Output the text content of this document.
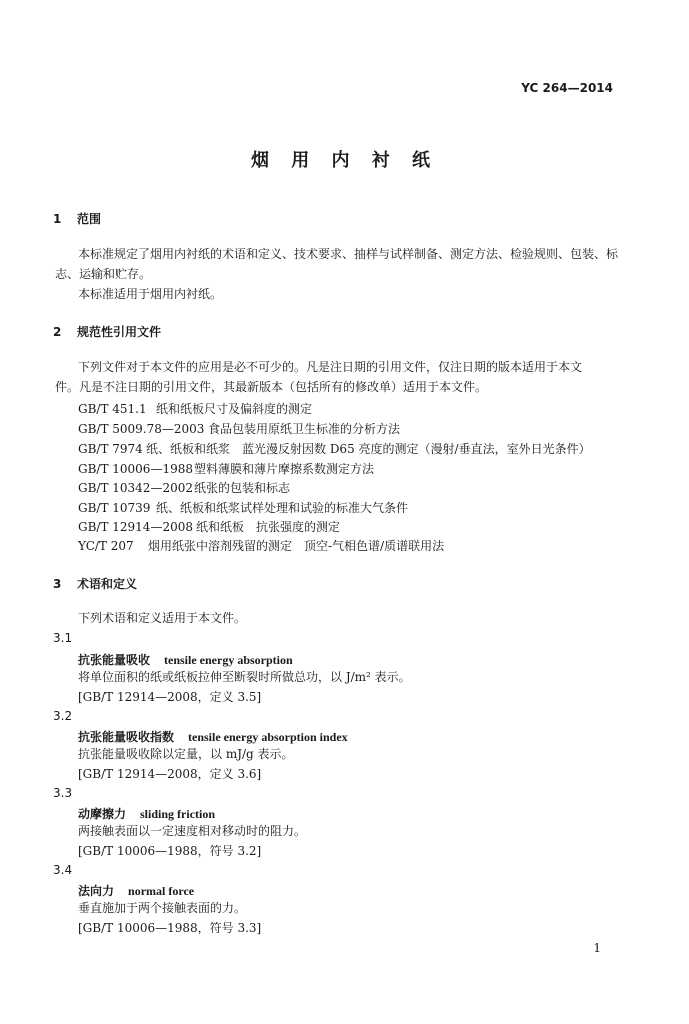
YC 264—2014
烟 用 内 衬 纸
1 范围
本标准规定了烟用内衬纸的术语和定义、技术要求、抽样与试样制备、测定方法、检验规则、包装、标
志、运输和贮存。
本标准适用于烟用内衬纸。
2 规范性引用文件
下列文件对于本文件的应用是必不可少的。凡是注日期的引用文件，仅注日期的版本适用于本文
件。凡是不注日期的引用文件，其最新版本（包括所有的修改单）适用于本文件。
GB/T 451.1 纸和纸板尺寸及偏斜度的测定
GB/T 5009.78—2003 食品包装用原纸卫生标准的分析方法
GB/T 7974 纸、纸板和纸浆　蓝光漫反射因数 D65 亮度的测定（漫射/垂直法，室外日光条件）
GB/T 10006—1988塑料薄膜和薄片摩擦系数测定方法
GB/T 10342—2002纸张的包装和标志
GB/T 10739 纸、纸板和纸浆试样处理和试验的标准大气条件
GB/T 12914—2008 纸和纸板　抗张强度的测定
YC/T 207 烟用纸张中溶剂残留的测定　顶空-气相色谱/质谱联用法
3 术语和定义
下列术语和定义适用于本文件。
3.1
抗张能量吸收 tensile energy absorption
将单位面积的纸或纸板拉伸至断裂时所做总功，以 J/m² 表示。
[GB/T 12914—2008，定义 3.5]
3.2
抗张能量吸收指数 tensile energy absorption index
抗张能量吸收除以定量，以 mJ/g 表示。
[GB/T 12914—2008，定义 3.6]
3.3
动摩擦力 sliding friction
两接触表面以一定速度相对移动时的阻力。
[GB/T 10006—1988，符号 3.2]
3.4
法向力 normal force
垂直施加于两个接触表面的力。
[GB/T 10006—1988，符号 3.3]
1
